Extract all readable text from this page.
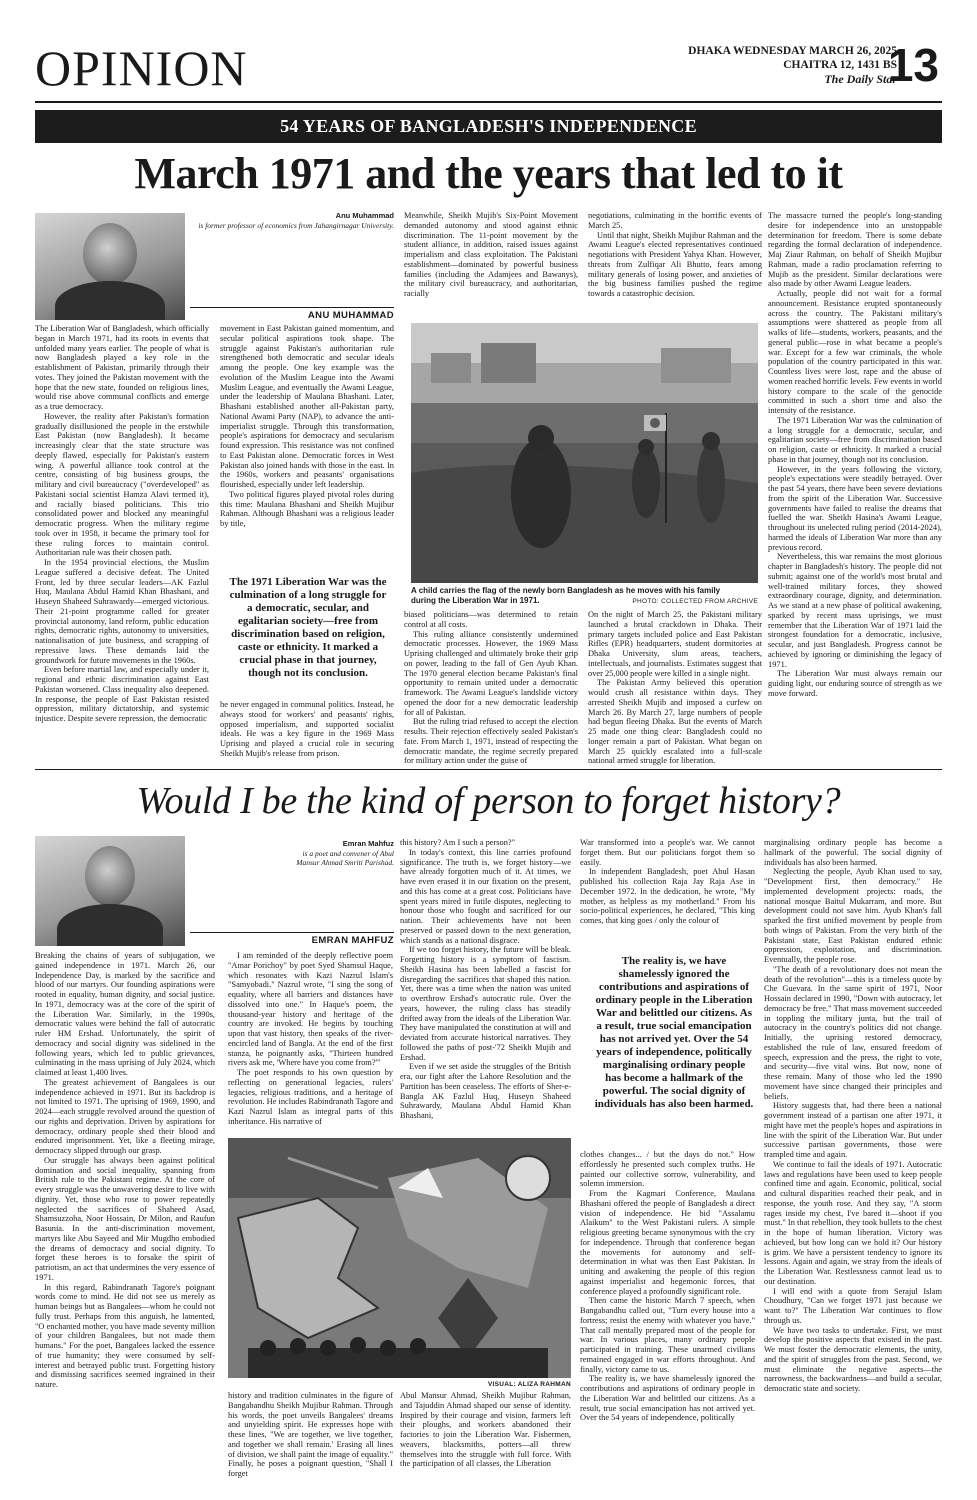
OPINION	DHAKA WEDNESDAY MARCH 26, 2025
CHAITRA 12, 1431 BS
The Daily Star
13
54 YEARS OF BANGLADESH'S INDEPENDENCE
March 1971 and the years that led to it
Anu Muhammad
is former professor of economics from Jahangirnagar University.
ANU MUHAMMAD

The Liberation War of Bangladesh, which officially began in March 1971, had its roots in events that unfolded many years earlier. The people of what is now Bangladesh played a key role in the establishment of Pakistan, primarily through their votes. They joined the Pakistan movement with the hope that the new state, founded on religious lines, would rise above communal conflicts and emerge as a true democracy.

However, the reality after Pakistan's formation gradually disillusioned the people in the erstwhile East Pakistan (now Bangladesh). It became increasingly clear that the state structure was deeply flawed, especially for Pakistan's eastern wing. A powerful alliance took control at the centre, consisting of big business groups, the military and civil bureaucracy ("overdeveloped" as Pakistani social scientist Hamza Alavi termed it), and racially biased politicians. This trio consolidated power and blocked any meaningful democratic progress. When the military regime took over in 1958, it became the primary tool for these ruling forces to maintain control. Authoritarian rule was their chosen path.

In the 1954 provincial elections, the Muslim League suffered a decisive defeat. The United Front, led by three secular leaders—AK Fazlul Huq, Maulana Abdul Hamid Khan Bhashani, and Huseyn Shaheed Suhrawardy—emerged victorious. Their 21-point programme called for greater provincial autonomy, land reform, public education rights, democratic rights, autonomy to universities, nationalisation of jute business, and scrapping of repressive laws. These demands laid the groundwork for future movements in the 1960s.

Even before martial law, and especially under it, regional and ethnic discrimination against East Pakistan worsened. Class inequality also deepened. In response, the people of East Pakistan resisted oppression, military dictatorship, and systemic injustice. Despite severe repression, the democratic

movement in East Pakistan gained momentum, and secular political aspirations took shape. The struggle against Pakistan's authoritarian rule strengthened both democratic and secular ideals among the people. One key example was the evolution of the Muslim League into the Awami Muslim League, and eventually the Awami League, under the leadership of Maulana Bhashani. Later, Bhashani established another all-Pakistan party, National Awami Party (NAP), to advance the anti-imperialist struggle. Through this transformation, people's aspirations for democracy and secularism found expression. This resistance was not confined to East Pakistan alone. Democratic forces in West Pakistan also joined hands with those in the east. In the 1960s, workers and peasants' organisations flourished, especially under left leadership.

Two political figures played pivotal roles during this time: Maulana Bhashani and Sheikh Mujibur Rahman. Although Bhashani was a religious leader by title,

The 1971 Liberation War was the culmination of a long struggle for a democratic, secular, and egalitarian society—free from discrimination based on religion, caste or ethnicity. It marked a crucial phase in that journey, though not its conclusion.

he never engaged in communal politics. Instead, he always stood for workers' and peasants' rights, opposed imperialism, and supported socialist ideals. He was a key figure in the 1969 Mass Uprising and played a crucial role in securing Sheikh Mujib's release from prison.

Meanwhile, Sheikh Mujib's Six-Point Movement demanded autonomy and stood against ethnic discrimination. The 11-point movement by the student alliance, in addition, raised issues against imperialism and class exploitation. The Pakistani establishment—dominated by powerful business families (including the Adamjees and Bawanys), the military civil bureaucracy, and authoritarian, racially

negotiations, culminating in the horrific events of March 25.

Until that night, Sheikh Mujibur Rahman and the Awami League's elected representatives continued negotiations with President Yahya Khan. However, threats from Zulfiqar Ali Bhutto, fears among military generals of losing power, and anxieties of the big business families pushed the regime towards a catastrophic decision.

A child carries the flag of the newly born Bangladesh as he moves with his family during the Liberation War in 1971.	PHOTO: COLLECTED FROM ARCHIVE

biased politicians—was determined to retain control at all costs.

This ruling alliance consistently undermined democratic processes. However, the 1969 Mass Uprising challenged and ultimately broke their grip on power, leading to the fall of Gen Ayub Khan. The 1970 general election became Pakistan's final opportunity to remain united under a democratic framework. The Awami League's landslide victory opened the door for a new democratic leadership for all of Pakistan.

But the ruling triad refused to accept the election results. Their rejection effectively sealed Pakistan's fate. From March 1, 1971, instead of respecting the democratic mandate, the regime secretly prepared for military action under the guise of

On the night of March 25, the Pakistani military launched a brutal crackdown in Dhaka. Their primary targets included police and East Pakistan Rifles (EPR) headquarters, student dormitories at Dhaka University, slum areas, teachers, intellectuals, and journalists. Estimates suggest that over 25,000 people were killed in a single night.

The Pakistan Army believed this operation would crush all resistance within days. They arrested Sheikh Mujib and imposed a curfew on March 26. By March 27, large numbers of people had begun fleeing Dhaka. But the events of March 25 made one thing clear: Bangladesh could no longer remain a part of Pakistan. What began on March 25 quickly escalated into a full-scale national armed struggle for liberation.

The massacre turned the people's long-standing desire for independence into an unstoppable determination for freedom. There is some debate regarding the formal declaration of independence. Maj Ziaur Rahman, on behalf of Sheikh Mujibur Rahman, made a radio proclamation referring to Mujib as the president. Similar declarations were also made by other Awami League leaders.

Actually, people did not wait for a formal announcement. Resistance erupted spontaneously across the country. The Pakistani military's assumptions were shattered as people from all walks of life—students, workers, peasants, and the general public—rose in what became a people's war. Except for a few war criminals, the whole population of the country participated in this war. Countless lives were lost, rape and the abuse of women reached horrific levels. Few events in world history compare to the scale of the genocide committed in such a short time and also the intensity of the resistance.

The 1971 Liberation War was the culmination of a long struggle for a democratic, secular, and egalitarian society—free from discrimination based on religion, caste or ethnicity. It marked a crucial phase in that journey, though not its conclusion.

However, in the years following the victory, people's expectations were steadily betrayed. Over the past 54 years, there have been severe deviations from the spirit of the Liberation War. Successive governments have failed to realise the dreams that fuelled the war. Sheikh Hasina's Awami League, throughout its unelected ruling period (2014-2024), harmed the ideals of Liberation War more than any previous record.

Nevertheless, this war remains the most glorious chapter in Bangladesh's history. The people did not submit; against one of the world's most brutal and well-trained military forces, they showed extraordinary courage, dignity, and determination. As we stand at a new phase of political awakening, sparked by recent mass uprisings, we must remember that the Liberation War of 1971 laid the strongest foundation for a democratic, inclusive, secular, and just Bangladesh. Progress cannot be achieved by ignoring or diminishing the legacy of 1971.

The Liberation War must always remain our guiding light, our enduring source of strength as we move forward.

Would I be the kind of person to forget history?
Emran Mahfuz
is a poet and convener of Abul Mansur Ahmad Smriti Parishad.
EMRAN MAHFUZ

Breaking the chains of years of subjugation, we gained independence in 1971. March 26, our Independence Day, is marked by the sacrifice and blood of our martyrs. Our founding aspirations were rooted in equality, human dignity, and social justice. In 1971, democracy was at the core of the spirit of the Liberation War. Similarly, in the 1990s, democratic values were behind the fall of autocratic ruler HM Ershad. Unfortunately, the spirit of democracy and social dignity was sidelined in the following years, which led to public grievances, culminating in the mass uprising of July 2024, which claimed at least 1,400 lives.

The greatest achievement of Bangalees is our independence achieved in 1971. But its backdrop is not limited to 1971. The uprising of 1969, 1990, and 2024—each struggle revolved around the question of our rights and deprivation. Driven by aspirations for democracy, ordinary people shed their blood and endured imprisonment. Yet, like a fleeting mirage, democracy slipped through our grasp.

Our struggle has always been against political domination and social inequality, spanning from British rule to the Pakistani regime. At the core of every struggle was the unwavering desire to live with dignity. Yet, those who rose to power repeatedly neglected the sacrifices of Shaheed Asad, Shamsuzzoha, Noor Hossain, Dr Milon, and Raufun Basunia. In the anti-discrimination movement, martyrs like Abu Sayeed and Mir Mugdho embodied the dreams of democracy and social dignity. To forget these heroes is to forsake the spirit of patriotism, an act that undermines the very essence of 1971.

In this regard, Rabindranath Tagore's poignant words come to mind. He did not see us merely as human beings but as Bangalees—whom he could not fully trust. Perhaps from this anguish, he lamented, "O enchanted mother, you have made seventy million of your children Bangalees, but not made them humans." For the poet, Bangalees lacked the essence of true humanity; they were consumed by self-interest and betrayed public trust. Forgetting history and dismissing sacrifices seemed ingrained in their nature.

I am reminded of the deeply reflective poem "Amar Porichoy" by poet Syed Shamsul Haque, which resonates with Kazi Nazrul Islam's "Samyobadi." Nazrul wrote, "I sing the song of equality, where all barriers and distances have dissolved into one." In Haque's poem, the thousand-year history and heritage of the country are invoked. He begins by touching upon that vast history, then speaks of the river-encircled land of Bangla. At the end of the first stanza, he poignantly asks, "Thirteen hundred rivers ask me, 'Where have you come from?'"

The poet responds to his own question by reflecting on generational legacies, rulers' legacies, religious traditions, and a heritage of revolution. He includes Rabindranath Tagore and Kazi Nazrul Islam as integral parts of this inheritance. His narrative of

this history? Am I such a person?"

In today's context, this line carries profound significance. The truth is, we forget history—we have already forgotten much of it. At times, we have even erased it in our fixation on the present, and this has come at a great cost. Politicians have spent years mired in futile disputes, neglecting to honour those who fought and sacrificed for our nation. Their achievements have not been preserved or passed down to the next generation, which stands as a national disgrace.

If we too forget history, the future will be bleak. Forgetting history is a symptom of fascism. Sheikh Hasina has been labelled a fascist for disregarding the sacrifices that shaped this nation. Yet, there was a time when the nation was united to overthrow Ershad's autocratic rule. Over the years, however, the ruling class has steadily drifted away from the ideals of the Liberation War. They have manipulated the constitution at will and deviated from accurate historical narratives. They followed the paths of post-'72 Sheikh Mujib and Ershad.

Even if we set aside the struggles of the British era, our fight after the Lahore Resolution and the Partition has been ceaseless. The efforts of Sher-e-Bangla AK Fazlul Huq, Huseyn Shaheed Suhrawardy, Maulana Abdul Hamid Khan Bhashani,

VISUAL: ALIZA RAHMAN

history and tradition culminates in the figure of Bangabandhu Sheikh Mujibur Rahman. Through his words, the poet unveils Bangalees' dreams and unyielding spirit. He expresses hope with these lines, "We are together, we live together, and together we shall remain.' Erasing all lines of division, we shall paint the image of equality." Finally, he poses a poignant question, "Shall I forget

Abul Mansur Ahmad, Sheikh Mujibur Rahman, and Tajuddin Ahmad shaped our sense of identity. Inspired by their courage and vision, farmers left their ploughs, and workers abandoned their factories to join the Liberation War. Fishermen, weavers, blacksmiths, potters—all threw themselves into the struggle with full force. With the participation of all classes, the Liberation

War transformed into a people's war. We cannot forget them. But our politicians forgot them so easily.

In independent Bangladesh, poet Abul Hasan published his collection Raja Jay Raja Ase in December 1972. In the dedication, he wrote, "My mother, as helpless as my motherland." From his socio-political experiences, he declared, "This king comes, that king goes / only the colour of

The reality is, we have shamelessly ignored the contributions and aspirations of ordinary people in the Liberation War and belittled our citizens. As a result, true social emancipation has not arrived yet. Over the 54 years of independence, politically marginalising ordinary people has become a hallmark of the powerful. The social dignity of individuals has also been harmed.

clothes changes... / but the days do not." How effortlessly he presented such complex truths. He painted our collective sorrow, vulnerability, and solemn immersion.

From the Kagmari Conference, Maulana Bhashani offered the people of Bangladesh a direct vision of independence. He bid "Assalamu Alaikum" to the West Pakistani rulers. A simple religious greeting became synonymous with the cry for independence. Through that conference began the movements for autonomy and self-determination in what was then East Pakistan. In uniting and awakening the people of this region against imperialist and hegemonic forces, that conference played a profoundly significant role.

Then came the historic March 7 speech, when Bangabandhu called out, "Turn every house into a fortress; resist the enemy with whatever you have." That call mentally prepared most of the people for war. In various places, many ordinary people participated in training. These unarmed civilians remained engaged in war efforts throughout. And finally, victory came to us.

The reality is, we have shamelessly ignored the contributions and aspirations of ordinary people in the Liberation War and belittled our citizens. As a result, true social emancipation has not arrived yet. Over the 54 years of independence, politically

marginalising ordinary people has become a hallmark of the powerful. The social dignity of individuals has also been harmed.

Neglecting the people, Ayub Khan used to say, "Development first, then democracy." He implemented development projects: roads, the national mosque Baitul Mukarram, and more. But development could not save him. Ayub Khan's fall sparked the first unified movement by people from both wings of Pakistan. From the very birth of the Pakistani state, East Pakistan endured ethnic oppression, exploitation, and discrimination. Eventually, the people rose.

"The death of a revolutionary does not mean the death of the revolution"—this is a timeless quote by Che Guevara. In the same spirit of 1971, Noor Hossain declared in 1990, "Down with autocracy, let democracy be free." That mass movement succeeded in toppling the military junta, but the trail of autocracy in the country's politics did not change. Initially, the uprising restored democracy, established the rule of law, ensured freedom of speech, expression and the press, the right to vote, and security—five vital wins. But now, none of these remain. Many of those who led the 1990 movement have since changed their principles and beliefs.

History suggests that, had there been a national government instead of a partisan one after 1971, it might have met the people's hopes and aspirations in line with the spirit of the Liberation War. But under successive partisan governments, those were trampled time and again.

We continue to fail the ideals of 1971. Autocratic laws and regulations have been used to keep people confined time and again. Economic, political, social and cultural disparities reached their peak, and in response, the youth rose. And they say, "A storm rages inside my chest, I've bared it—shoot if you must." In that rebellion, they took bullets to the chest in the hope of human liberation. Victory was achieved, but how long can we hold it? Our history is grim. We have a persistent tendency to ignore its lessons. Again and again, we stray from the ideals of the Liberation War. Restlessness cannot lead us to our destination.

I will end with a quote from Serajul Islam Choudhury, "Can we forget 1971 just because we want to?" The Liberation War continues to flow through us.

We have two tasks to undertake. First, we must develop the positive aspects that existed in the past. We must foster the democratic elements, the unity, and the spirit of struggles from the past. Second, we must eliminate the negative aspects—the narrowness, the backwardness—and build a secular, democratic state and society.
